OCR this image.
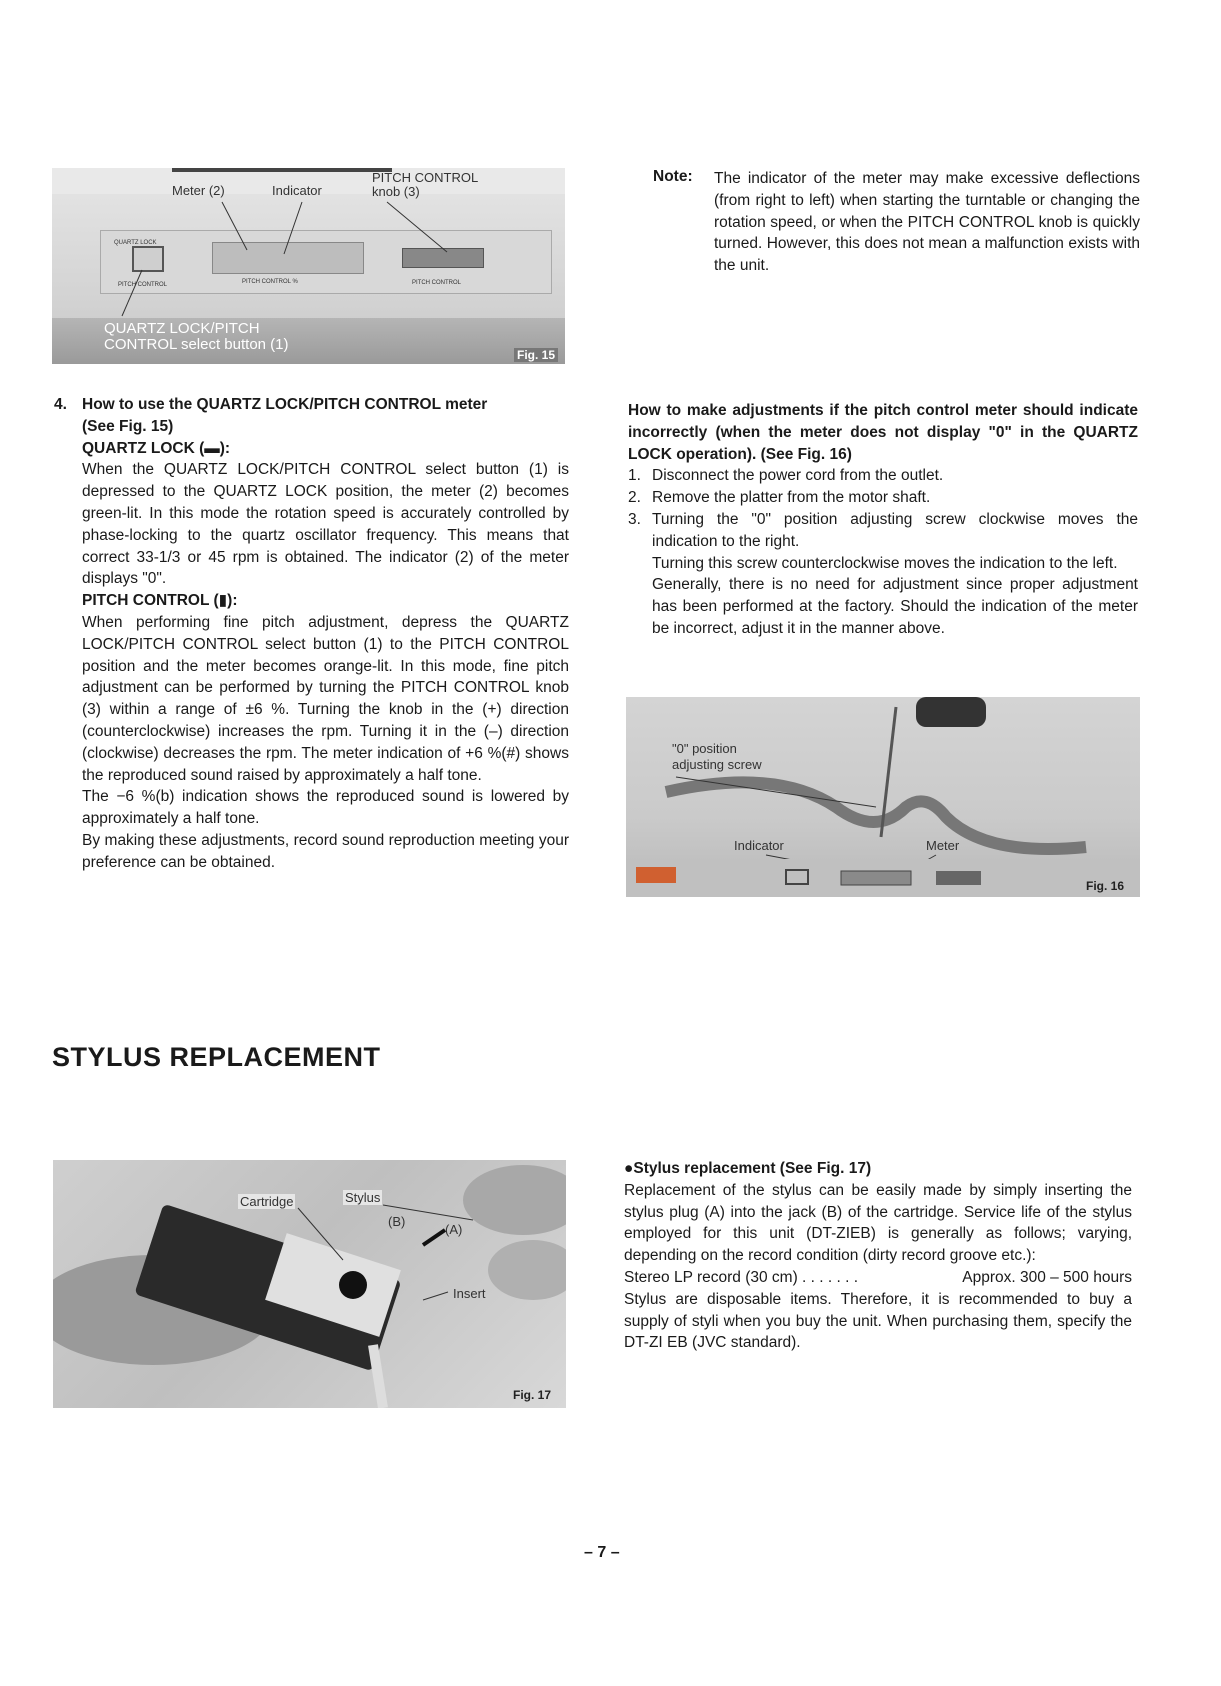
QUARTZ LOCK
PITCH CONTROL	PITCH CONTROL %	PITCH CONTROL
Meter (2)	Indicator
PITCH CONTROL
knob (3)
QUARTZ LOCK/PITCH
CONTROL select button (1)
Fig. 15
Note: The indicator of the meter may make excessive deflections (from right to left) when starting the turntable or changing the rotation speed, or when the PITCH CONTROL knob is quickly turned. However, this does not mean a malfunction exists with the unit.

4. How to use the QUARTZ LOCK/PITCH CONTROL meter
(See Fig. 15)
QUARTZ LOCK (▬):

When the QUARTZ LOCK/PITCH CONTROL select button (1) is depressed to the QUARTZ LOCK position, the meter (2) becomes green-lit. In this mode the rotation speed is accurately controlled by phase-locking to the quartz oscillator frequency. This means that correct 33-1/3 or 45 rpm is obtained. The indicator (2) of the meter displays "0".

PITCH CONTROL (▮):

When performing fine pitch adjustment, depress the QUARTZ LOCK/PITCH CONTROL select button (1) to the PITCH CONTROL position and the meter becomes orange-lit. In this mode, fine pitch adjustment can be performed by turning the PITCH CONTROL knob (3) within a range of ±6 %. Turning the knob in the (+) direction (counterclockwise) increases the rpm. Turning it in the (–) direction (clockwise) decreases the rpm. The meter indication of +6 %(#) shows the reproduced sound raised by approximately a half tone.

The −6 %(b) indication shows the reproduced sound is lowered by approximately a half tone.

By making these adjustments, record sound reproduction meeting your preference can be obtained.

How to make adjustments if the pitch control meter should indicate incorrectly (when the meter does not display "0" in the QUARTZ LOCK operation). (See Fig. 16)

1. Disconnect the power cord from the outlet.
2. Remove the platter from the motor shaft.
3. Turning the "0" position adjusting screw clockwise moves the indication to the right.

Turning this screw counterclockwise moves the indication to the left.

Generally, there is no need for adjustment since proper adjustment has been performed at the factory. Should the indication of the meter be incorrect, adjust it in the manner above.

"0" position
adjusting screw
Indicator	Meter
Fig. 16
STYLUS REPLACEMENT
Cartridge	Stylus
(B)
(A)
Insert
Fig. 17
●Stylus replacement (See Fig. 17)

Replacement of the stylus can be easily made by simply inserting the stylus plug (A) into the jack (B) of the cartridge. Service life of the stylus employed for this unit (DT-ZIEB) is generally as follows; varying, depending on the record condition (dirty record groove etc.):

Stereo LP record (30 cm) . . . . . . .	Approx. 300 – 500 hours

Stylus are disposable items. Therefore, it is recommended to buy a supply of styli when you buy the unit. When purchasing them, specify the DT-ZI EB (JVC standard).

– 7 –
